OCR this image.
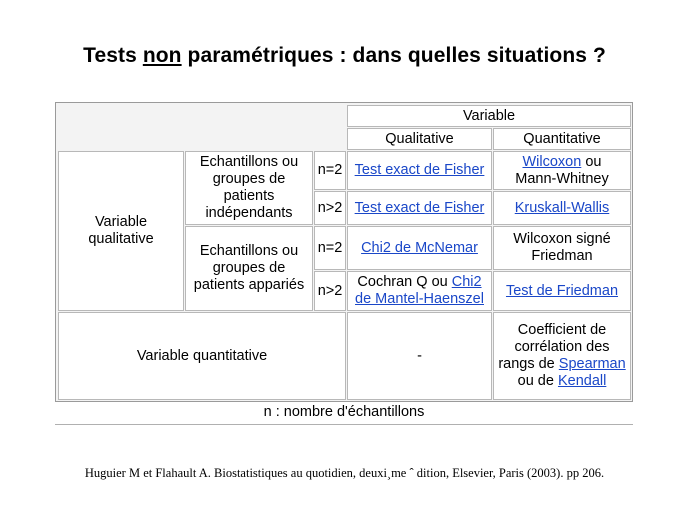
Tests non paramétriques : dans quelles situations ?
Variable
Qualitative	Quantitative
Variable qualitative
Echantillons ou groupes de patients indépendants
n=2 Test exact de Fisher
Wilcoxon ou
Mann-Whitney
n>2 Test exact de Fisher Kruskall-Wallis
Echantillons ou groupes de patients appariés
n=2 Chi2 de McNemar
Wilcoxon signé Friedman
n>2
Cochran Q ou Chi2 de Mantel-Haenszel
Test de Friedman
Variable quantitative	-
Coefficient de corrélation des rangs de Spearman ou de Kendall
n : nombre d'échantillons
Huguier M et Flahault A. Biostatistiques au quotidien, deuxi¸me ˆ dition, Elsevier, Paris (2003). pp 206.
